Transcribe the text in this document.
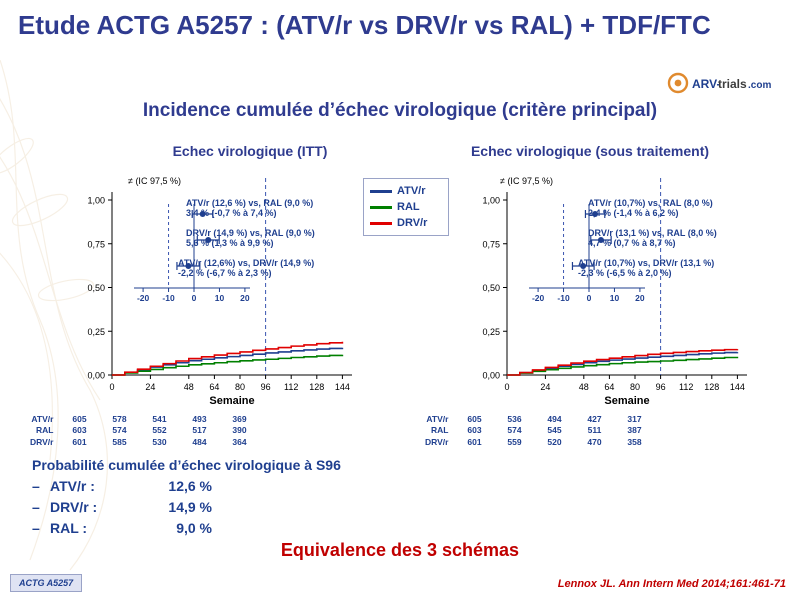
Etude ACTG A5257 : (ATV/r vs DRV/r vs RAL) + TDF/FTC
ARV-
trials .com
Incidence cumulée d’échec virologique (critère principal)
Echec virologique (ITT)	Echec virologique (sous traitement)
ATV/r
RAL
DRV/r
0,00
0,25
0,50
0,75
1,00
0	24	48 64 80 96 112 128 144
Semaine
-20 -10 0 10 20
≠ (IC 97,5 %)
ATV/r (12,6 %) vs, RAL (9,0 %)
3,4 % (-0,7 % à 7,4 %)
DRV/r (14,9 %) vs, RAL (9,0 %)
5,6 % (1,3 % à 9,9 %)
ATV/r (12,6%) vs, DRV/r (14,9 %)
-2,2 % (-6,7 % à 2,3 %)
0,00
0,25
0,50
0,75
1,00
0	24	48 64 80 96 112 128 144
Semaine
-20 -10 0 10 20
≠ (IC 97,5 %)
ATV/r (10,7%) vs, RAL (8,0 %)
2,4 % (-1,4 % à 6,2 %)
DRV/r (13,1 %) vs, RAL (8,0 %)
4,7 % (0,7 % à 8,7 %)
ATV/r (10,7%) vs, DRV/r (13,1 %)
-2,3 % (-6,5 % à 2,0 %)
ATV/r	605	578	541	493	369
RAL	603	574	552	517	390
DRV/r	601	585	530	484	364
ATV/r	605	536	494	427	317
RAL	603	574	545	511	387
DRV/r	601	559	520	470	358
Probabilité cumulée d’échec virologique à S96
– ATV/r :	12,6 %
– DRV/r :	14,9 %
– RAL :	9,0 %
Equivalence des 3 schémas
ACTG A5257	Lennox JL. Ann Intern Med 2014;161:461-71
